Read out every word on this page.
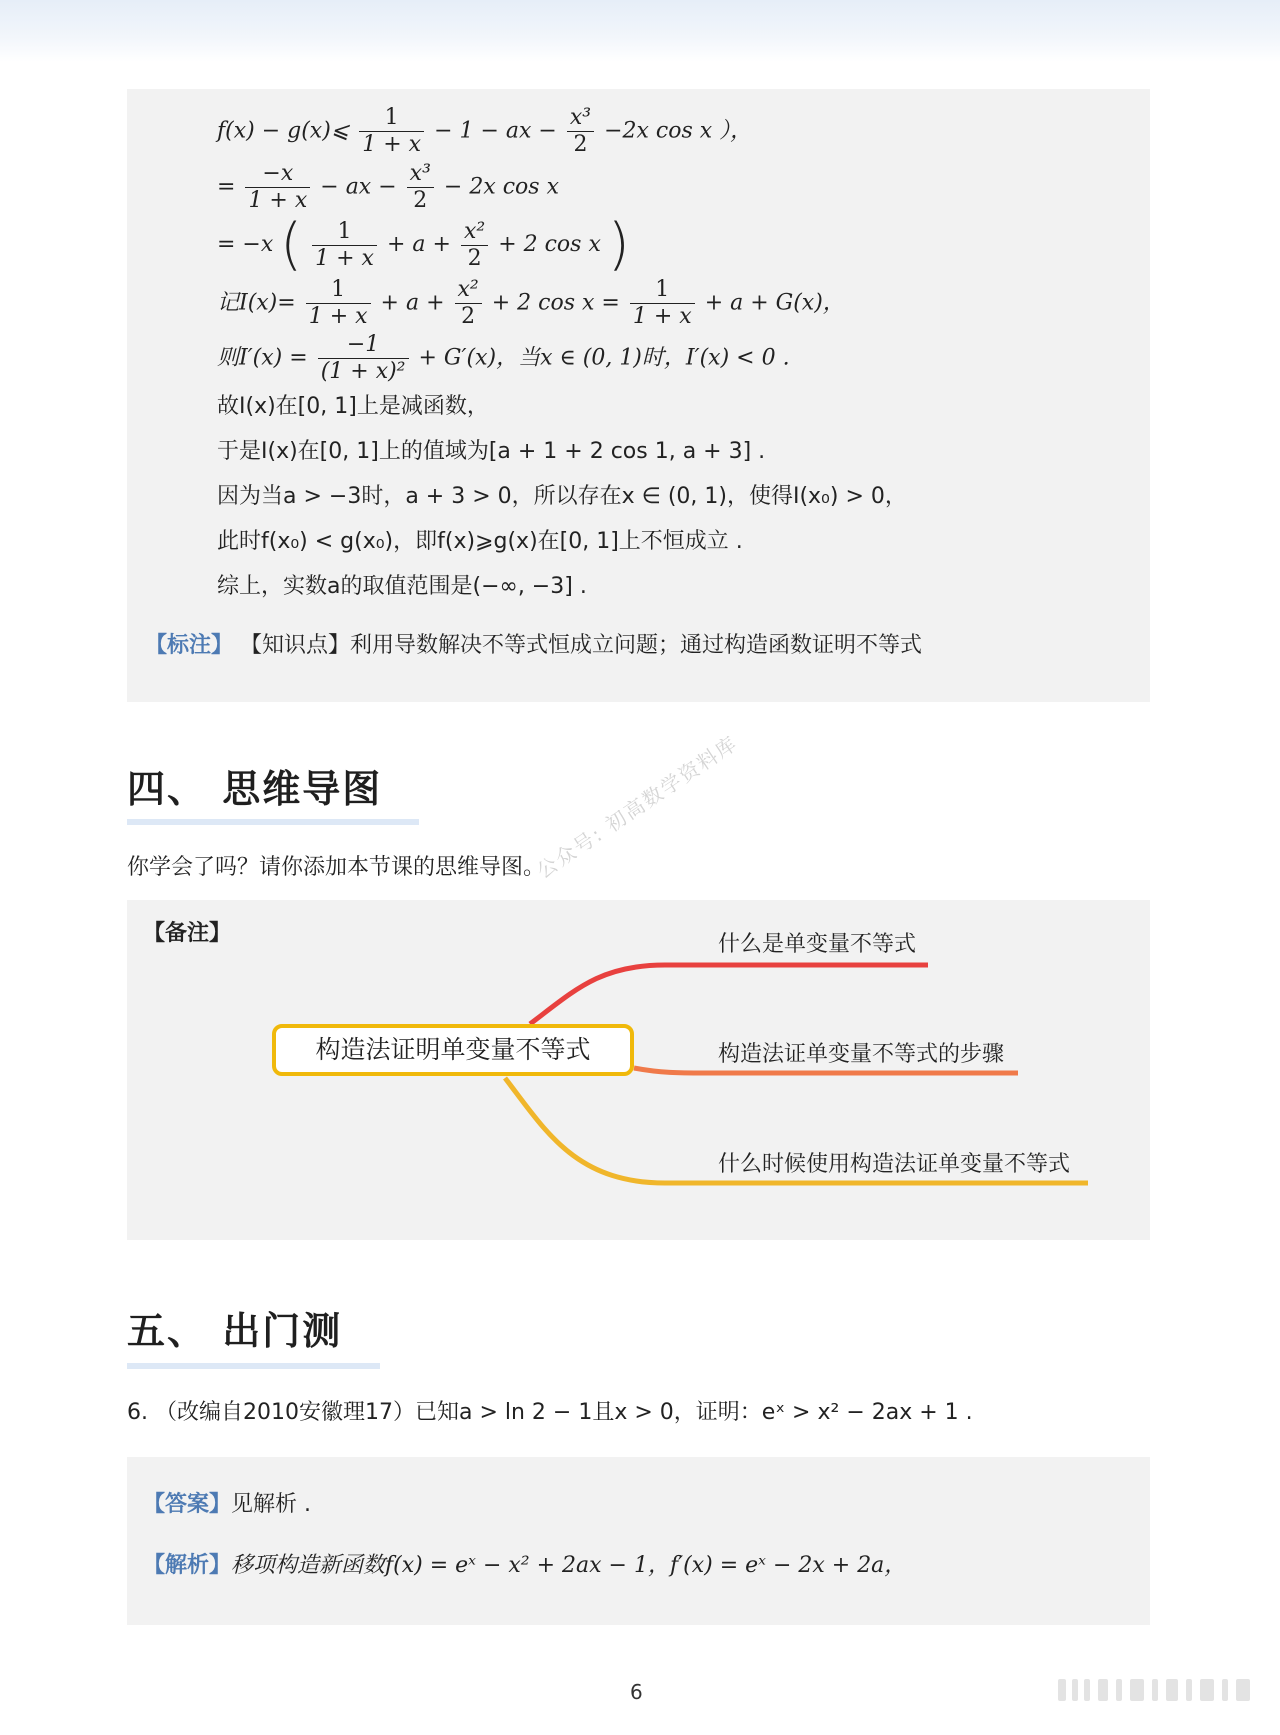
f(x) − g(x)⩽ $\frac{1}{1 + x} - 1$ − ax − $\frac{\text{x³}}{2} -2x$ cos x ），
= $\frac{-x}{1 + x}$ − ax − $\frac{\text{x³}}{2} - 2x$ cos x
= −x ( $\frac{1}{1 + x} + a + \frac{\text{x²}}{2} + 2$ cos x )
记$I(x)= \frac{1}{1 + x} + a + \frac{\text{x²}}{2} + 2$ $\cos x = \frac{1}{1 + x} + a + G(x)$，
则$I'(x) = \frac{-1}{\text{(1 + x)²}} + G'(x)$，当x ∈ (0, 1)时，I′(x) < 0 .
故I(x)在[0, 1]上是减函数，
于是I(x)在[0, 1]上的值域为[a + 1 + 2 cos 1, a + 3] .
因为当a > −3时，a + 3 > 0，所以存在x ∈ (0, 1)，使得I(x₀) > 0，
此时f(x₀) < g(x₀)，即f(x)⩾g(x)在[0, 1]上不恒成立 .
综上，实数a的取值范围是(−∞, −3] .
【标注】 【知识点】利用导数解决不等式恒成立问题；通过构造函数证明不等式
四、 思维导图
你学会了吗？请你添加本节课的思维导图。
【备注】
公众号: 初高数学资料库
构造法证明单变量不等式
什么是单变量不等式
构造法证单变量不等式的步骤
什么时候使用构造法证单变量不等式
五、 出门测
6. （改编自2010安徽理17）已知a > ln 2 − 1且x > 0，证明：eˣ > x² − 2ax + 1 .
【答案】见解析 .
【解析】移项构造新函数f(x) = eˣ − x² + 2ax − 1，f′(x) = eˣ − 2x + 2a，
6
